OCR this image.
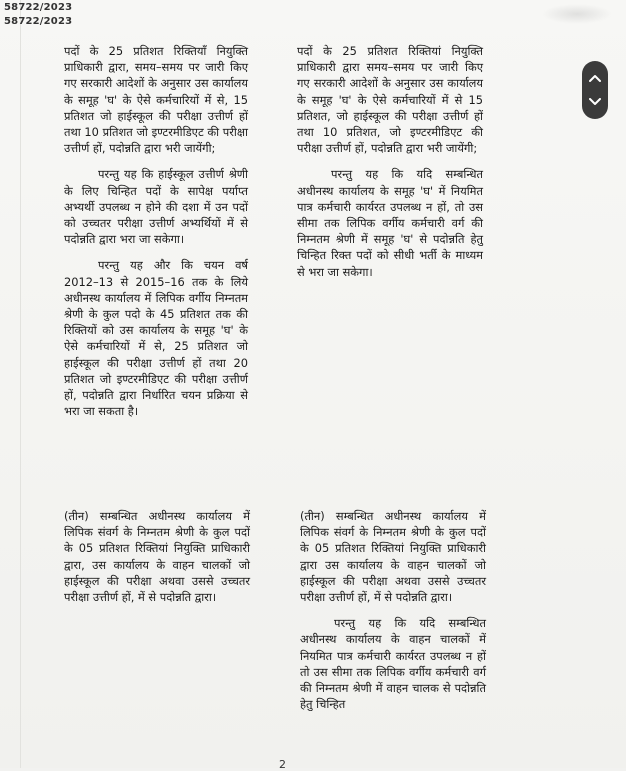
58722/2023
58722/2023

पदों के 25 प्रतिशत रिक्तियाँ नियुक्ति प्राधिकारी द्वारा, समय–समय पर जारी किए गए सरकारी आदेशों के अनुसार उस कार्यालय के समूह 'घ' के ऐसे कर्मचारियों में से, 15 प्रतिशत जो हाईस्कूल की परीक्षा उत्तीर्ण हों तथा 10 प्रतिशत जो इण्टरमीडिएट की परीक्षा उत्तीर्ण हों, पदोन्नति द्वारा भरी जायेंगी;

परन्तु यह कि हाईस्कूल उत्तीर्ण श्रेणी के लिए चिन्हित पदों के सापेक्ष पर्याप्त अभ्यर्थी उपलब्ध न होने की दशा में उन पदों को उच्चतर परीक्षा उत्तीर्ण अभ्यर्थियों में से पदोन्नति द्वारा भरा जा सकेगा।

परन्तु यह और कि चयन वर्ष 2012–13 से 2015–16 तक के लिये अधीनस्थ कार्यालय में लिपिक वर्गीय निम्नतम श्रेणी के कुल पदो के 45 प्रतिशत तक की रिक्तियों को उस कार्यालय के समूह 'घ' के ऐसे कर्मचारियों में से, 25 प्रतिशत जो हाईस्कूल की परीक्षा उत्तीर्ण हों तथा 20 प्रतिशत जो इण्टरमीडिएट की परीक्षा उत्तीर्ण हों, पदोन्नति द्वारा निर्धारित चयन प्रक्रिया से भरा जा सकता है।

पदों के 25 प्रतिशत रिक्तियां नियुक्ति प्राधिकारी द्वारा समय–समय पर जारी किए गए सरकारी आदेशों के अनुसार उस कार्यालय के समूह 'घ' के ऐसे कर्मचारियों में से 15 प्रतिशत, जो हाईस्कूल की परीक्षा उत्तीर्ण हों तथा 10 प्रतिशत, जो इण्टरमीडिएट की परीक्षा उत्तीर्ण हों, पदोन्नति द्वारा भरी जायेंगी;

परन्तु यह कि यदि सम्बन्धित अधीनस्थ कार्यालय के समूह 'घ' में नियमित पात्र कर्मचारी कार्यरत उपलब्ध न हों, तो उस सीमा तक लिपिक वर्गीय कर्मचारी वर्ग की निम्नतम श्रेणी में समूह 'घ' से पदोन्नति हेतु चिन्हित रिक्त पदों को सीधी भर्ती के माध्यम से भरा जा सकेगा।

(तीन) सम्बन्धित अधीनस्थ कार्यालय में लिपिक संवर्ग के निम्नतम श्रेणी के कुल पदों के 05 प्रतिशत रिक्तियां नियुक्ति प्राधिकारी द्वारा, उस कार्यालय के वाहन चालकों जो हाईस्कूल की परीक्षा अथवा उससे उच्चतर परीक्षा उत्तीर्ण हों, में से पदोन्नति द्वारा।

(तीन) सम्बन्धित अधीनस्थ कार्यालय में लिपिक संवर्ग के निम्नतम श्रेणी के कुल पदों के 05 प्रतिशत रिक्तियां नियुक्ति प्राधिकारी द्वारा उस कार्यालय के वाहन चालकों जो हाईस्कूल की परीक्षा अथवा उससे उच्चतर परीक्षा उत्तीर्ण हों, में से पदोन्नति द्वारा।

परन्तु यह कि यदि सम्बन्धित अधीनस्थ कार्यालय के वाहन चालकों में नियमित पात्र कर्मचारी कार्यरत उपलब्ध न हों तो उस सीमा तक लिपिक वर्गीय कर्मचारी वर्ग की निम्नतम श्रेणी में वाहन चालक से पदोन्नति हेतु चिन्हित

2
